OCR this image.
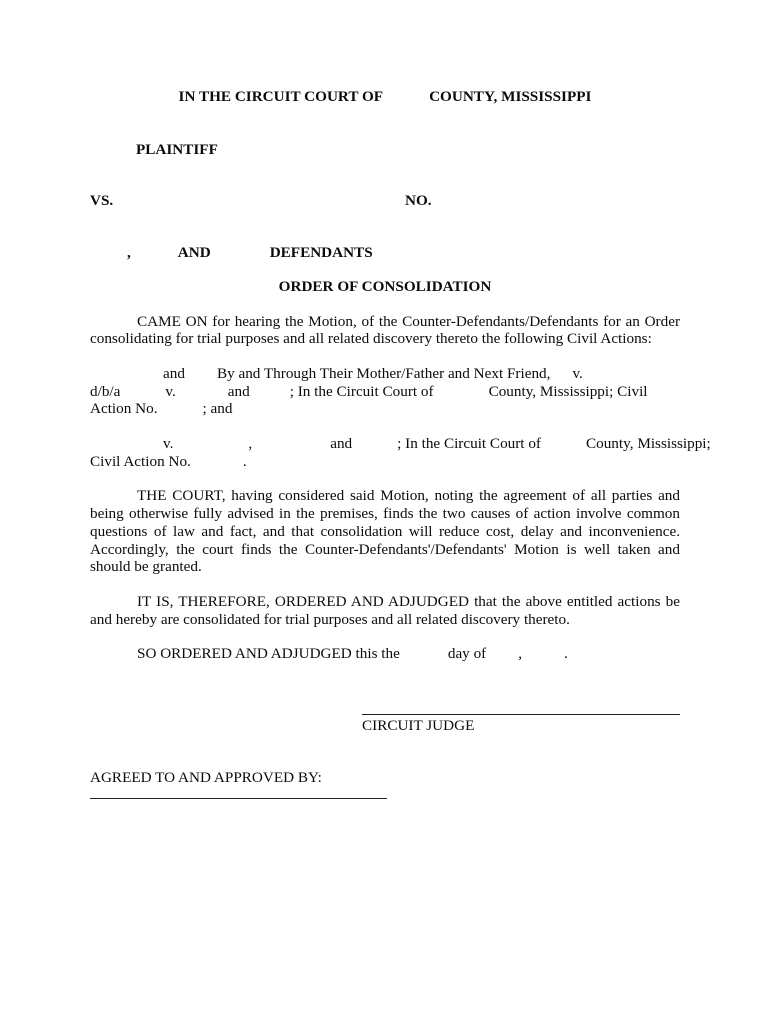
IN THE CIRCUIT COURT OF	COUNTY, MISSISSIPPI
PLAINTIFF
VS.	NO.
,	AND	DEFENDANTS
ORDER OF CONSOLIDATION
CAME ON for hearing the Motion, of the Counter-Defendants/Defendants for an Order
consolidating for trial purposes and all related discovery thereto the following Civil Actions:
and By and Through Their Mother/Father and Next Friend, v.
d/b/a	v.	and	; In the Circuit Court of	County, Mississippi; Civil
Action No.	; and
v.	,	and	; In the Circuit Court of	County, Mississippi;
Civil Action No.	.
THE COURT, having considered said Motion, noting the agreement of all parties and
being otherwise fully advised in the premises, finds the two causes of action involve common
questions of law and fact, and that consolidation will reduce cost, delay and inconvenience.
Accordingly, the court finds the Counter-Defendants'/Defendants' Motion is well taken and
should be granted.
IT IS, THEREFORE, ORDERED AND ADJUDGED that the above entitled actions be
and hereby are consolidated for trial purposes and all related discovery thereto.
SO ORDERED AND ADJUDGED this the	day of ,	.
CIRCUIT JUDGE
AGREED TO AND APPROVED BY:
